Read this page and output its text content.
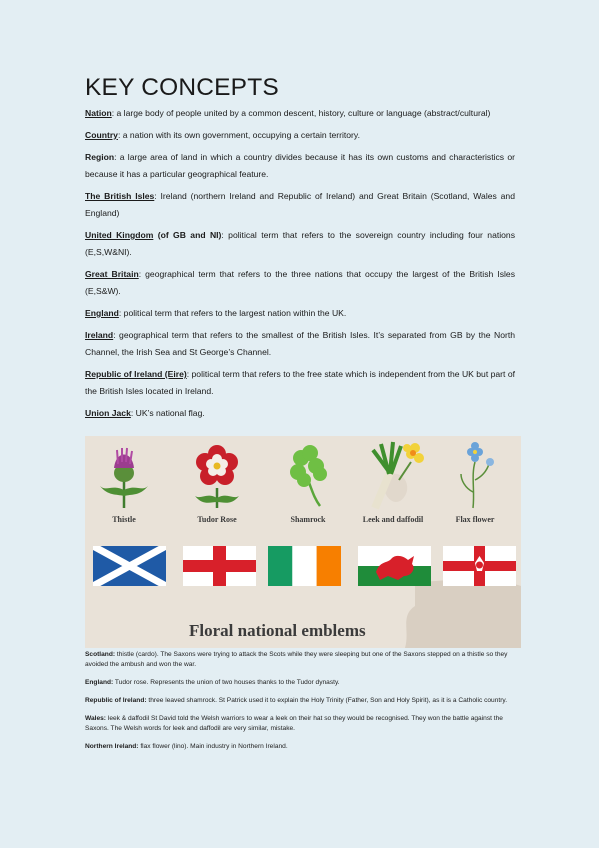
KEY CONCEPTS

Nation: a large body of people united by a common descent, history, culture or language (abstract/cultural)

Country: a nation with its own government, occupying a certain territory.

Region: a large area of land in which a country divides because it has its own customs and characteristics or because it has a particular geographical feature.

The British Isles: Ireland (northern Ireland and Republic of Ireland) and Great Britain (Scotland, Wales and England)

United Kingdom (of GB and NI): political term that refers to the sovereign country including four nations (E,S,W&NI).

Great Britain: geographical term that refers to the three nations that occupy the largest of the British Isles (E,S&W).

England: political term that refers to the largest nation within the UK.

Ireland: geographical term that refers to the smallest of the British Isles. It’s separated from GB by the North Channel, the Irish Sea and St George’s Channel.

Republic of Ireland (Eire): political term that refers to the free state which is independent from the UK but part of the British Isles located in Ireland.

Union Jack: UK’s national flag.

Thistle	Tudor Rose	Shamrock	Leek and daffodil	Flax flower
Floral national emblems

Scotland: thistle (cardo). The Saxons were trying to attack the Scots while they were sleeping but one of the Saxons stepped on a thistle so they avoided the ambush and won the war.

England: Tudor rose. Represents the union of two houses thanks to the Tudor dynasty.

Republic of Ireland: three leaved shamrock. St Patrick used it to explain the Holy Trinity (Father, Son and Holy Spirit), as it is a Catholic country.

Wales: leek & daffodil St David told the Welsh warriors to wear a leek on their hat so they would be recognised. They won the battle against the Saxons. The Welsh words for leek and daffodil are very similar, mistake.

Northern Ireland: flax flower (lino). Main industry in Northern Ireland.
